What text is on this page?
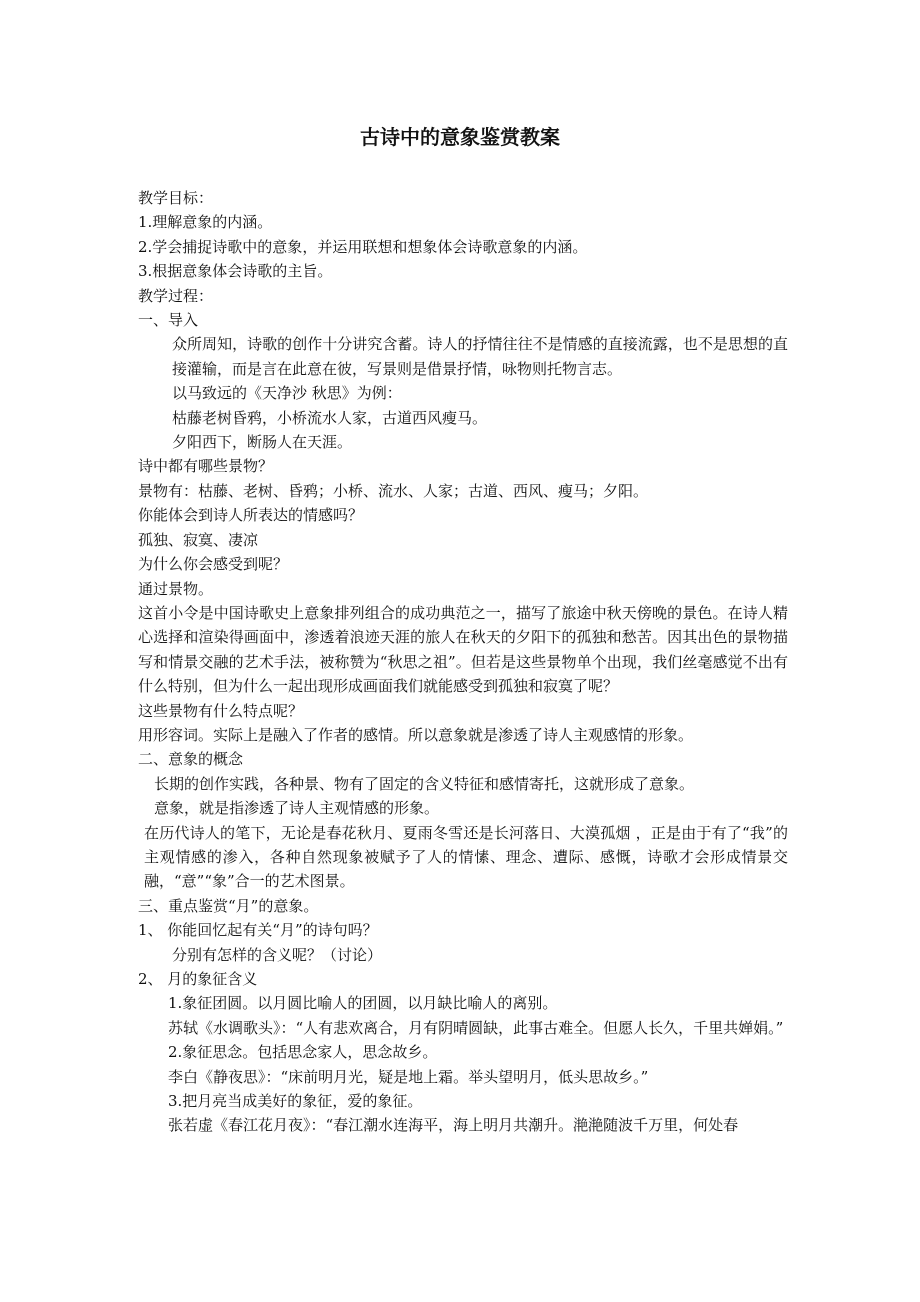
古诗中的意象鉴赏教案

教学目标：

1.理解意象的内涵。

2.学会捕捉诗歌中的意象，并运用联想和想象体会诗歌意象的内涵。

3.根据意象体会诗歌的主旨。

教学过程：

一、导入

众所周知，诗歌的创作十分讲究含蓄。诗人的抒情往往不是情感的直接流露，也不是思想的直接灌输，而是言在此意在彼，写景则是借景抒情，咏物则托物言志。

以马致远的《天净沙 秋思》为例：

枯藤老树昏鸦，小桥流水人家，古道西风瘦马。

夕阳西下，断肠人在天涯。

诗中都有哪些景物？

景物有：枯藤、老树、昏鸦；小桥、流水、人家；古道、西风、瘦马；夕阳。

你能体会到诗人所表达的情感吗？

孤独、寂寞、凄凉

为什么你会感受到呢？

通过景物。

这首小令是中国诗歌史上意象排列组合的成功典范之一，描写了旅途中秋天傍晚的景色。在诗人精心选择和渲染得画面中，渗透着浪迹天涯的旅人在秋天的夕阳下的孤独和愁苦。因其出色的景物描写和情景交融的艺术手法，被称赞为“秋思之祖”。但若是这些景物单个出现，我们丝毫感觉不出有什么特别，但为什么一起出现形成画面我们就能感受到孤独和寂寞了呢？

这些景物有什么特点呢？

用形容词。实际上是融入了作者的感情。所以意象就是渗透了诗人主观感情的形象。

二、意象的概念

长期的创作实践，各种景、物有了固定的含义特征和感情寄托，这就形成了意象。

意象，就是指渗透了诗人主观情感的形象。

在历代诗人的笔下，无论是春花秋月、夏雨冬雪还是长河落日、大漠孤烟 ，正是由于有了“我”的主观情感的渗入，各种自然现象被赋予了人的情愫、理念、遭际、感慨，诗歌才会形成情景交融，“意”“象”合一的艺术图景。

三、重点鉴赏“月”的意象。

1、 你能回忆起有关“月”的诗句吗？

分别有怎样的含义呢？（讨论）

2、 月的象征含义

1.象征团圆。以月圆比喻人的团圆，以月缺比喻人的离别。

苏轼《水调歌头》：“人有悲欢离合，月有阴晴圆缺，此事古难全。但愿人长久，千里共婵娟。”

2.象征思念。包括思念家人，思念故乡。

李白《静夜思》：“床前明月光，疑是地上霜。举头望明月，低头思故乡。”

3.把月亮当成美好的象征，爱的象征。

张若虚《春江花月夜》：“春江潮水连海平，海上明月共潮升。滟滟随波千万里，何处春
